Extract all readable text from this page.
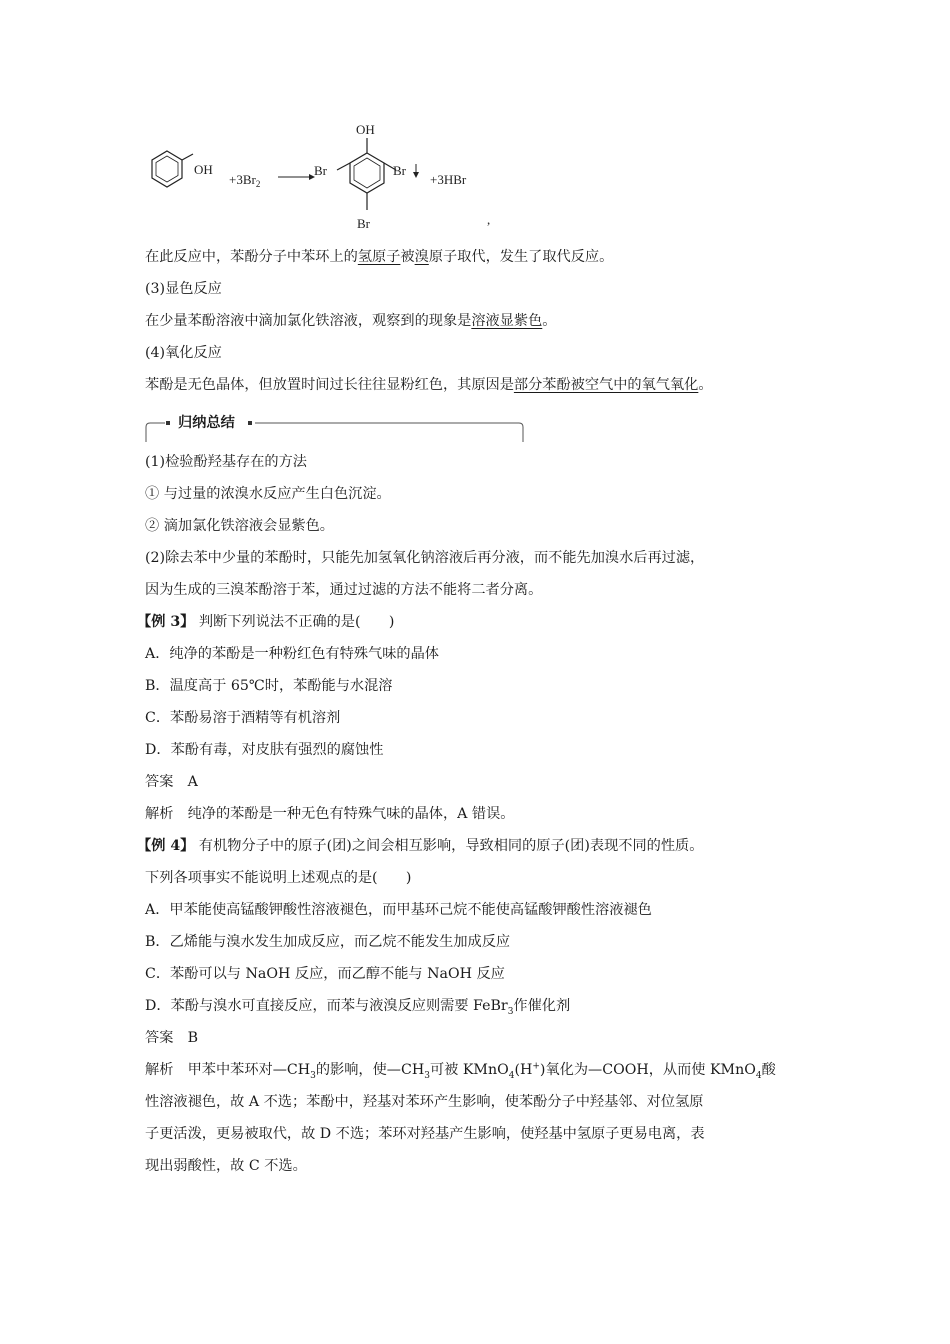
OH
$+3Br_2$
OH
Br	Br
Br
+3HBr
,
在此反应中，苯酚分子中苯环上的氢原子被溴原子取代，发生了取代反应。
(3)显色反应
在少量苯酚溶液中滴加氯化铁溶液，观察到的现象是溶液显紫色。
(4)氧化反应
苯酚是无色晶体，但放置时间过长往往显粉红色，其原因是部分苯酚被空气中的氧气氧化。
归纳总结
(1)检验酚羟基存在的方法
① 与过量的浓溴水反应产生白色沉淀。
② 滴加氯化铁溶液会显紫色。
(2)除去苯中少量的苯酚时，只能先加氢氧化钠溶液后再分液，而不能先加溴水后再过滤，
因为生成的三溴苯酚溶于苯，通过过滤的方法不能将二者分离。
【例 3】 判断下列说法不正确的是(　　)
A．纯净的苯酚是一种粉红色有特殊气味的晶体
B．温度高于 65℃时，苯酚能与水混溶
C．苯酚易溶于酒精等有机溶剂
D．苯酚有毒，对皮肤有强烈的腐蚀性
答案　A
解析　纯净的苯酚是一种无色有特殊气味的晶体，A 错误。
【例 4】 有机物分子中的原子(团)之间会相互影响，导致相同的原子(团)表现不同的性质。
下列各项事实不能说明上述观点的是(　　)
A．甲苯能使高锰酸钾酸性溶液褪色，而甲基环己烷不能使高锰酸钾酸性溶液褪色
B．乙烯能与溴水发生加成反应，而乙烷不能发生加成反应
C．苯酚可以与 NaOH 反应，而乙醇不能与 NaOH 反应
D．苯酚与溴水可直接反应，而苯与液溴反应则需要 FeBr$_3$作催化剂
答案　B
解析　甲苯中苯环对$—CH_3$的影响，使$—CH_3$可被 KMnO$_4$(H+)氧化为—COOH，从而使 KMnO$_4$酸
性溶液褪色，故 A 不选；苯酚中，羟基对苯环产生影响，使苯酚分子中羟基邻、对位氢原
子更活泼，更易被取代，故 D 不选；苯环对羟基产生影响，使羟基中氢原子更易电离，表
现出弱酸性，故 C 不选。
